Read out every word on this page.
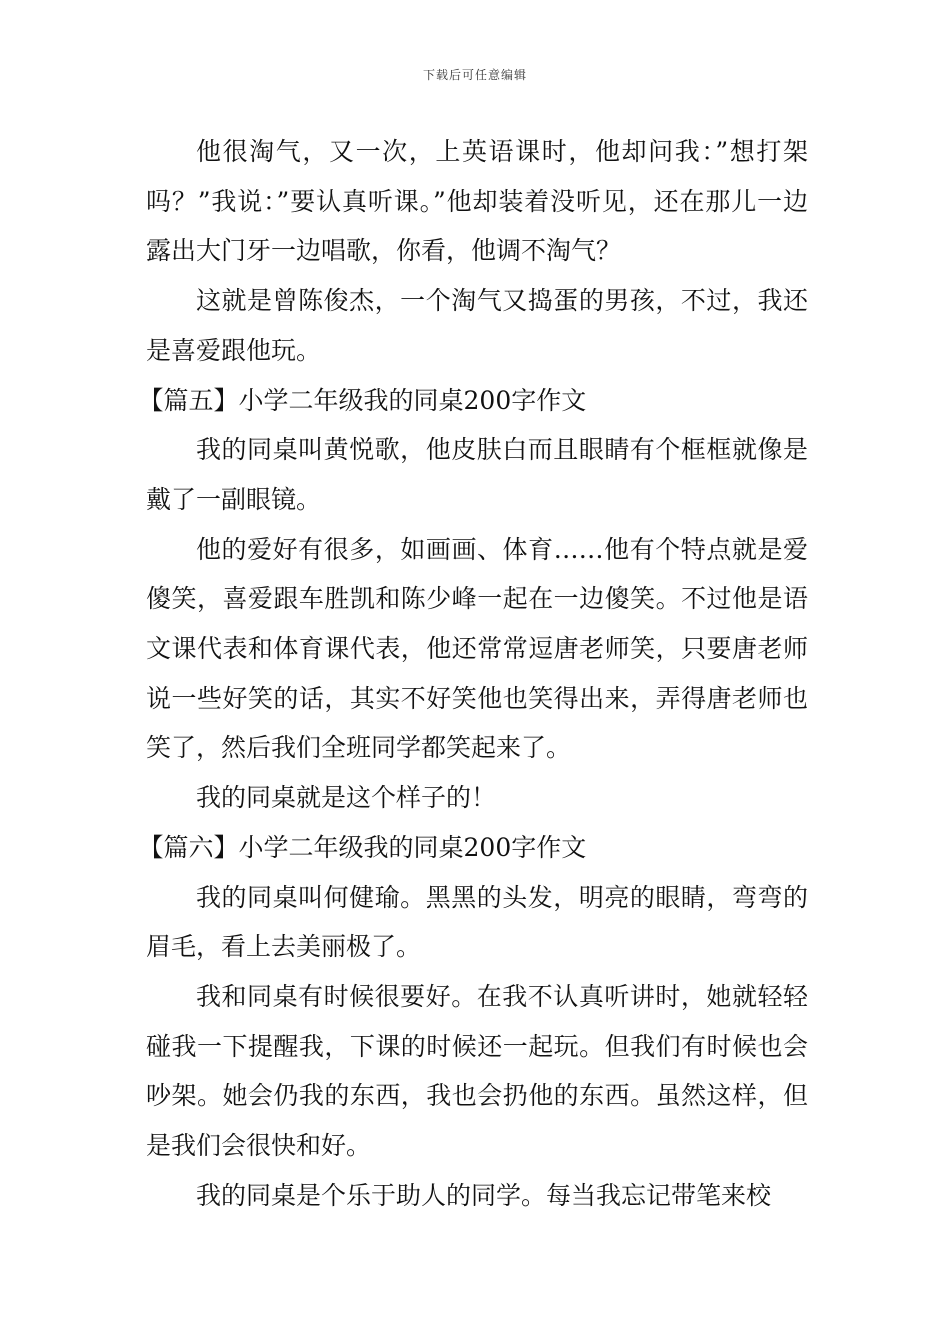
下载后可任意编辑

他很淘气，又一次，上英语课时，他却问我：”想打架吗？”我说：”要认真听课。”他却装着没听见，还在那儿一边露出大门牙一边唱歌，你看，他调不淘气？

这就是曾陈俊杰，一个淘气又捣蛋的男孩，不过，我还是喜爱跟他玩。

【篇五】小学二年级我的同桌200字作文

我的同桌叫黄悦歌，他皮肤白而且眼睛有个框框就像是戴了一副眼镜。

他的爱好有很多，如画画、体育……他有个特点就是爱傻笑，喜爱跟车胜凯和陈少峰一起在一边傻笑。不过他是语文课代表和体育课代表，他还常常逗唐老师笑，只要唐老师说一些好笑的话，其实不好笑他也笑得出来，弄得唐老师也笑了，然后我们全班同学都笑起来了。

我的同桌就是这个样子的！

【篇六】小学二年级我的同桌200字作文

我的同桌叫何健瑜。黑黑的头发，明亮的眼睛，弯弯的眉毛，看上去美丽极了。

我和同桌有时候很要好。在我不认真听讲时，她就轻轻碰我一下提醒我，下课的时候还一起玩。但我们有时候也会吵架。她会仍我的东西，我也会扔他的东西。虽然这样，但是我们会很快和好。

我的同桌是个乐于助人的同学。每当我忘记带笔来校
